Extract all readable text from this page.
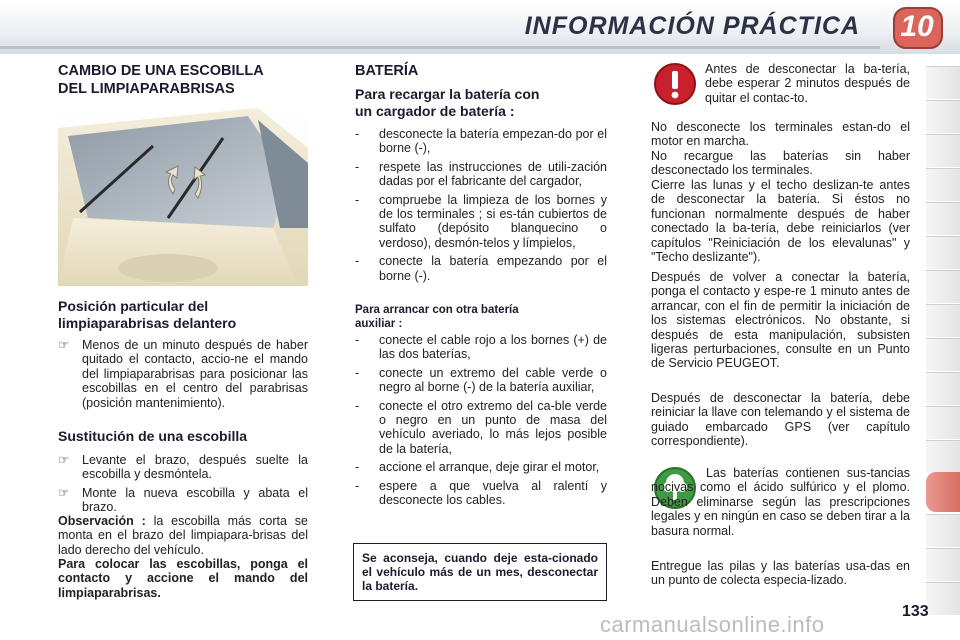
INFORMACIÓN PRÁCTICA	10
CAMBIO DE UNA ESCOBILLA
DEL LIMPIAPARABRISAS
Posición particular del
limpiaparabrisas delantero
☞	Menos de un minuto después de haber quitado el contacto, accio-ne el mando del limpiaparabrisas para posicionar las escobillas en el centro del parabrisas (posición mantenimiento).
Sustitución de una escobilla
☞	Levante el brazo, después suelte la escobilla y desmóntela.
☞	Monte la nueva escobilla y abata el brazo.
Observación : la escobilla más corta se monta en el brazo del limpiapara-brisas del lado derecho del vehículo.
Para colocar las escobillas, ponga el contacto y accione el mando del limpiaparabrisas.
BATERÍA
Para recargar la batería con
un cargador de batería :
-	desconecte la batería empezan-do por el borne (-),
-	respete las instrucciones de utili-zación dadas por el fabricante del cargador,
-	compruebe la limpieza de los bornes y de los terminales ; si es-tán cubiertos de sulfato (depósito blanquecino o verdoso), desmón-telos y límpielos,
-	conecte la batería empezando por el borne (-).
Para arrancar con otra batería
auxiliar :
-	conecte el cable rojo a los bornes (+) de las dos baterías,
-	conecte un extremo del cable verde o negro al borne (-) de la batería auxiliar,
-	conecte el otro extremo del ca-ble verde o negro en un punto de masa del vehículo averiado, lo más lejos posible de la batería,
-	accione el arranque, deje girar el motor,
-	espere a que vuelva al ralentí y desconecte los cables.
Se aconseja, cuando deje esta-cionado el vehículo más de un mes, desconectar la batería.
Antes de desconectar la ba-tería, debe esperar 2 minutos después de quitar el contac-to.
No desconecte los terminales estan-do el motor en marcha.
No recargue las baterías sin haber desconectado los terminales.
Cierre las lunas y el techo deslizan-te antes de desconectar la batería. Si éstos no funcionan normalmente después de haber conectado la ba-tería, debe reiniciarlos (ver capítulos "Reiniciación de los elevalunas" y "Techo deslizante").
Después de volver a conectar la batería, ponga el contacto y espe-re 1 minuto antes de arrancar, con el fin de permitir la iniciación de los sistemas electrónicos. No obstante, si después de esta manipulación, subsisten ligeras perturbaciones, consulte en un Punto de Servicio PEUGEOT.
Después de desconectar la batería, debe reiniciar la llave con telemando y el sistema de guiado embarcado GPS (ver capítulo correspondiente).
Las baterías contienen sus-tancias nocivas como el ácido sulfúrico y el plomo. Deben eliminarse según las prescripciones legales y en ningún en caso se deben tirar a la basura normal.
Entregue las pilas y las baterías usa-das en un punto de colecta especia-lizado.
carmanualsonline.info
133
